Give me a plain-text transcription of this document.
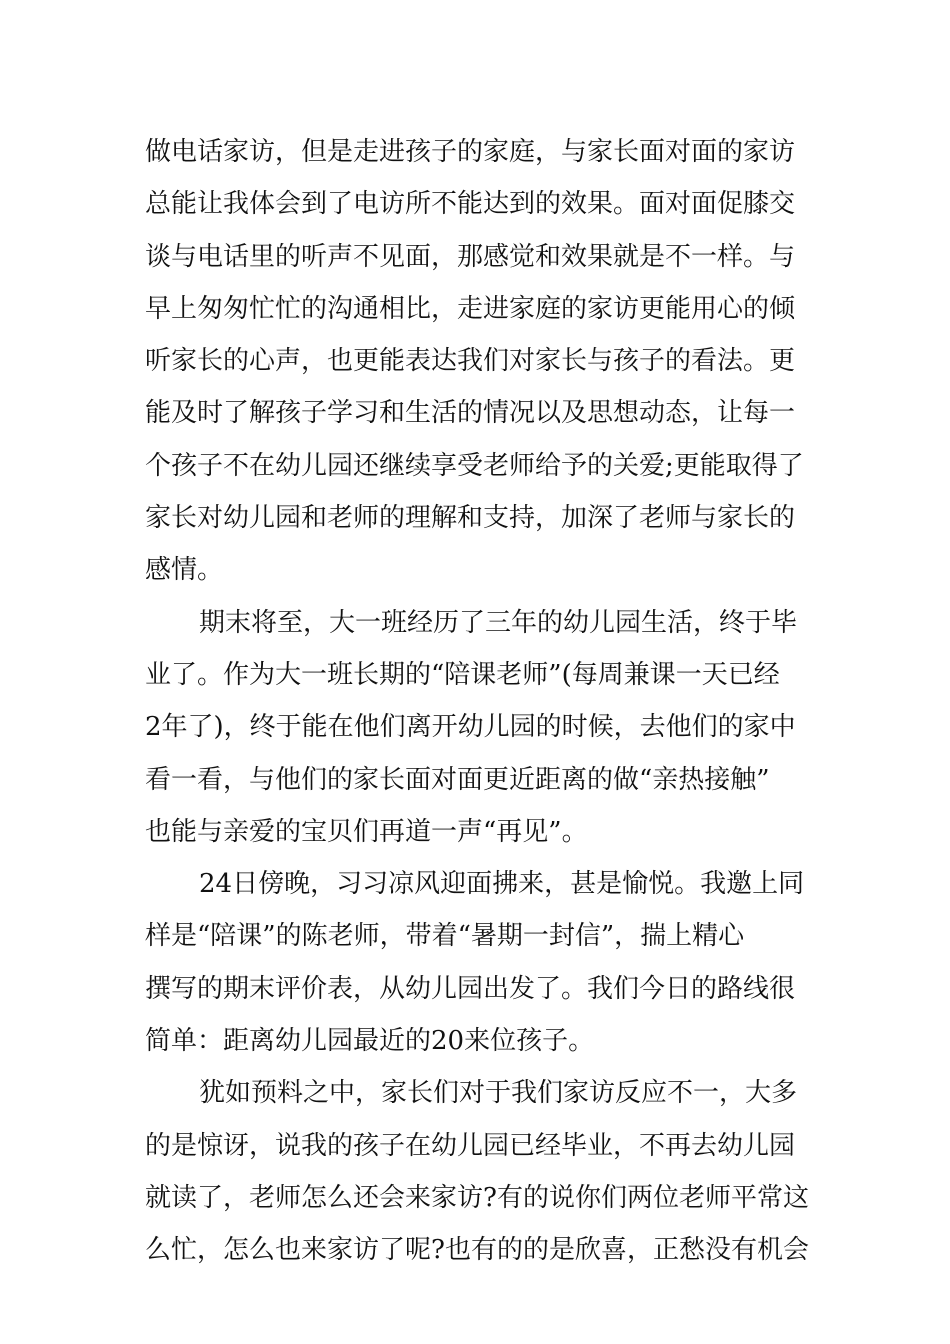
做电话家访，但是走进孩子的家庭，与家长面对面的家访
总能让我体会到了电访所不能达到的效果。面对面促膝交
谈与电话里的听声不见面，那感觉和效果就是不一样。与
早上匆匆忙忙的沟通相比，走进家庭的家访更能用心的倾
听家长的心声，也更能表达我们对家长与孩子的看法。更
能及时了解孩子学习和生活的情况以及思想动态，让每一
个孩子不在幼儿园还继续享受老师给予的关爱;更能取得了
家长对幼儿园和老师的理解和支持，加深了老师与家长的
感情。
期末将至，大一班经历了三年的幼儿园生活，终于毕
业了。作为大一班长期的“陪课老师”(每周兼课一天已经
2年了)，终于能在他们离开幼儿园的时候，去他们的家中
看一看，与他们的家长面对面更近距离的做“亲热接触”
也能与亲爱的宝贝们再道一声“再见”。
24日傍晚，习习凉风迎面拂来，甚是愉悦。我邀上同
样是“陪课”的陈老师，带着“暑期一封信”，揣上精心
撰写的期末评价表，从幼儿园出发了。我们今日的路线很
简单：距离幼儿园最近的20来位孩子。
犹如预料之中，家长们对于我们家访反应不一，大多
的是惊讶，说我的孩子在幼儿园已经毕业，不再去幼儿园
就读了，老师怎么还会来家访?有的说你们两位老师平常这
么忙，怎么也来家访了呢?也有的的是欣喜，正愁没有机会
